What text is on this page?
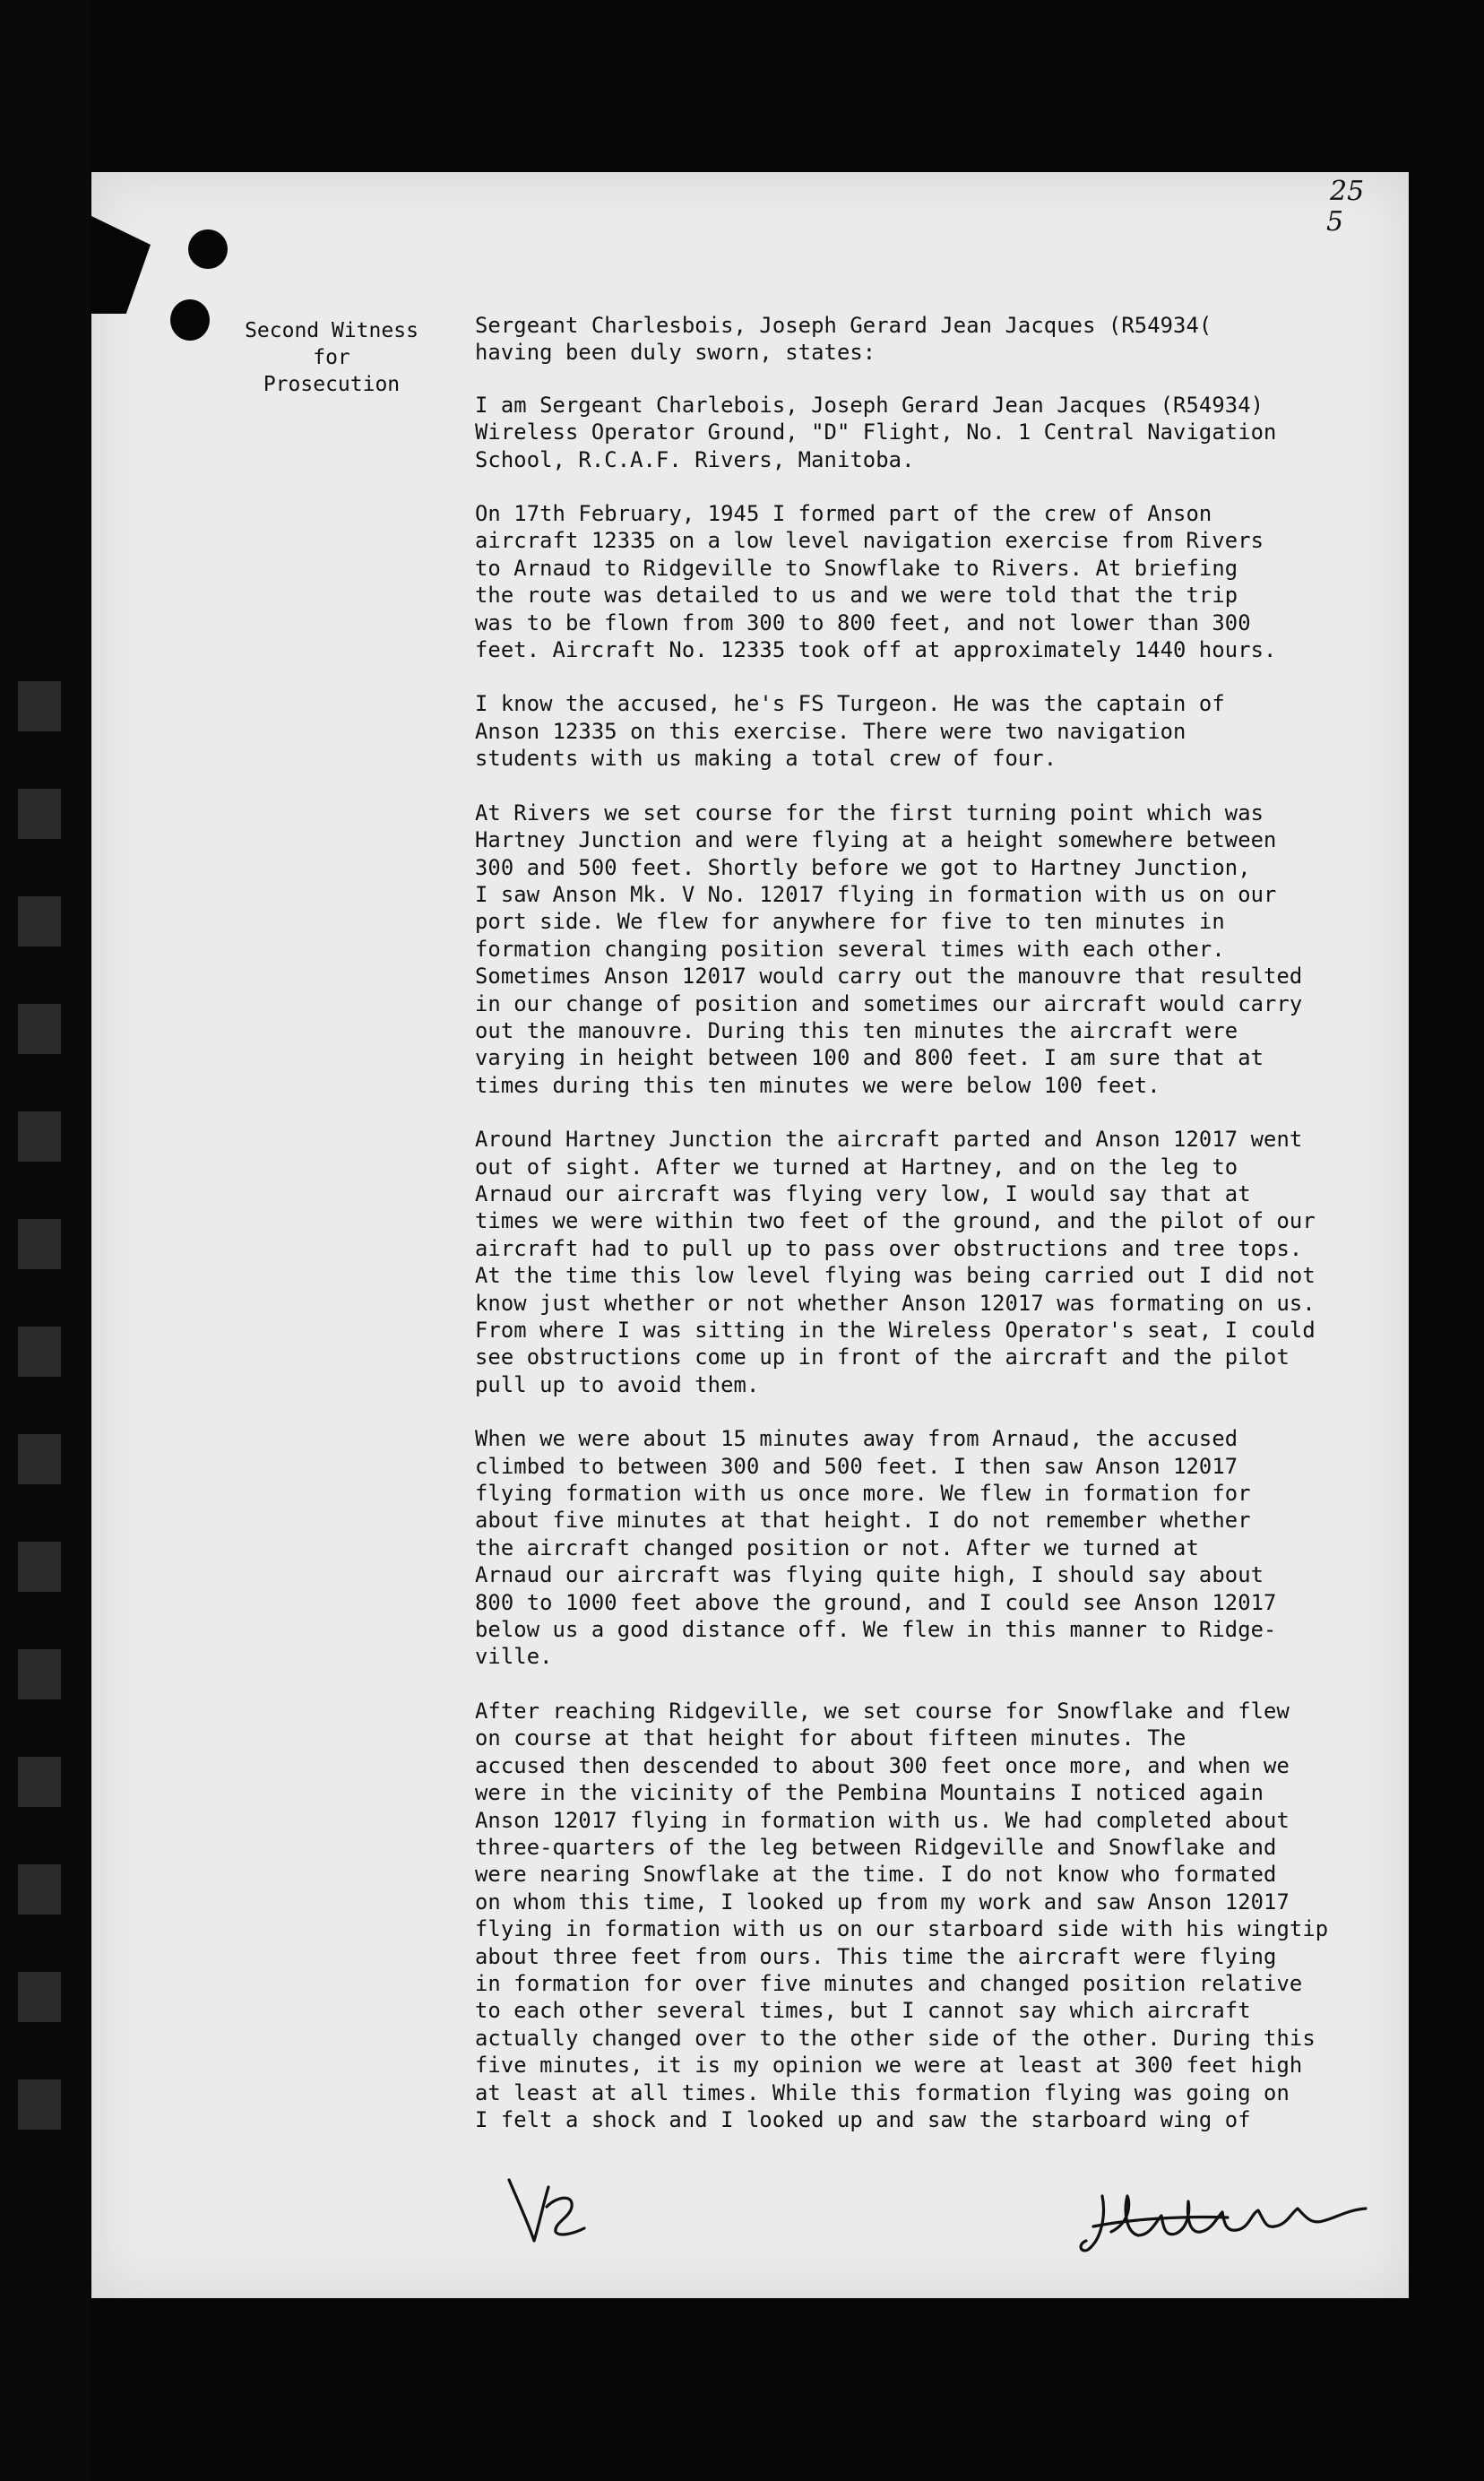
25
5
Second Witness
for
Prosecution

Sergeant Charlesbois, Joseph Gerard Jean Jacques (R54934(
having been duly sworn, states:

I am Sergeant Charlebois, Joseph Gerard Jean Jacques (R54934)
Wireless Operator Ground, "D" Flight, No. 1 Central Navigation
School, R.C.A.F. Rivers, Manitoba.

On 17th February, 1945 I formed part of the crew of Anson
aircraft 12335 on a low level navigation exercise from Rivers
to Arnaud to Ridgeville to Snowflake to Rivers. At briefing
the route was detailed to us and we were told that the trip
was to be flown from 300 to 800 feet, and not lower than 300
feet. Aircraft No. 12335 took off at approximately 1440 hours.

I know the accused, he's FS Turgeon. He was the captain of
Anson 12335 on this exercise. There were two navigation
students with us making a total crew of four.

At Rivers we set course for the first turning point which was
Hartney Junction and were flying at a height somewhere between
300 and 500 feet. Shortly before we got to Hartney Junction,
I saw Anson Mk. V No. 12017 flying in formation with us on our
port side. We flew for anywhere for five to ten minutes in
formation changing position several times with each other.
Sometimes Anson 12017 would carry out the manouvre that resulted
in our change of position and sometimes our aircraft would carry
out the manouvre. During this ten minutes the aircraft were
varying in height between 100 and 800 feet. I am sure that at
times during this ten minutes we were below 100 feet.

Around Hartney Junction the aircraft parted and Anson 12017 went
out of sight. After we turned at Hartney, and on the leg to
Arnaud our aircraft was flying very low, I would say that at
times we were within two feet of the ground, and the pilot of our
aircraft had to pull up to pass over obstructions and tree tops.
At the time this low level flying was being carried out I did not
know just whether or not whether Anson 12017 was formating on us.
From where I was sitting in the Wireless Operator's seat, I could
see obstructions come up in front of the aircraft and the pilot
pull up to avoid them.

When we were about 15 minutes away from Arnaud, the accused
climbed to between 300 and 500 feet. I then saw Anson 12017
flying formation with us once more. We flew in formation for
about five minutes at that height. I do not remember whether
the aircraft changed position or not. After we turned at
Arnaud our aircraft was flying quite high, I should say about
800 to 1000 feet above the ground, and I could see Anson 12017
below us a good distance off. We flew in this manner to Ridge-
ville.

After reaching Ridgeville, we set course for Snowflake and flew
on course at that height for about fifteen minutes. The
accused then descended to about 300 feet once more, and when we
were in the vicinity of the Pembina Mountains I noticed again
Anson 12017 flying in formation with us. We had completed about
three-quarters of the leg between Ridgeville and Snowflake and
were nearing Snowflake at the time. I do not know who formated
on whom this time, I looked up from my work and saw Anson 12017
flying in formation with us on our starboard side with his wingtip
about three feet from ours. This time the aircraft were flying
in formation for over five minutes and changed position relative
to each other several times, but I cannot say which aircraft
actually changed over to the other side of the other. During this
five minutes, it is my opinion we were at least at 300 feet high
at least at all times. While this formation flying was going on
I felt a shock and I looked up and saw the starboard wing of
